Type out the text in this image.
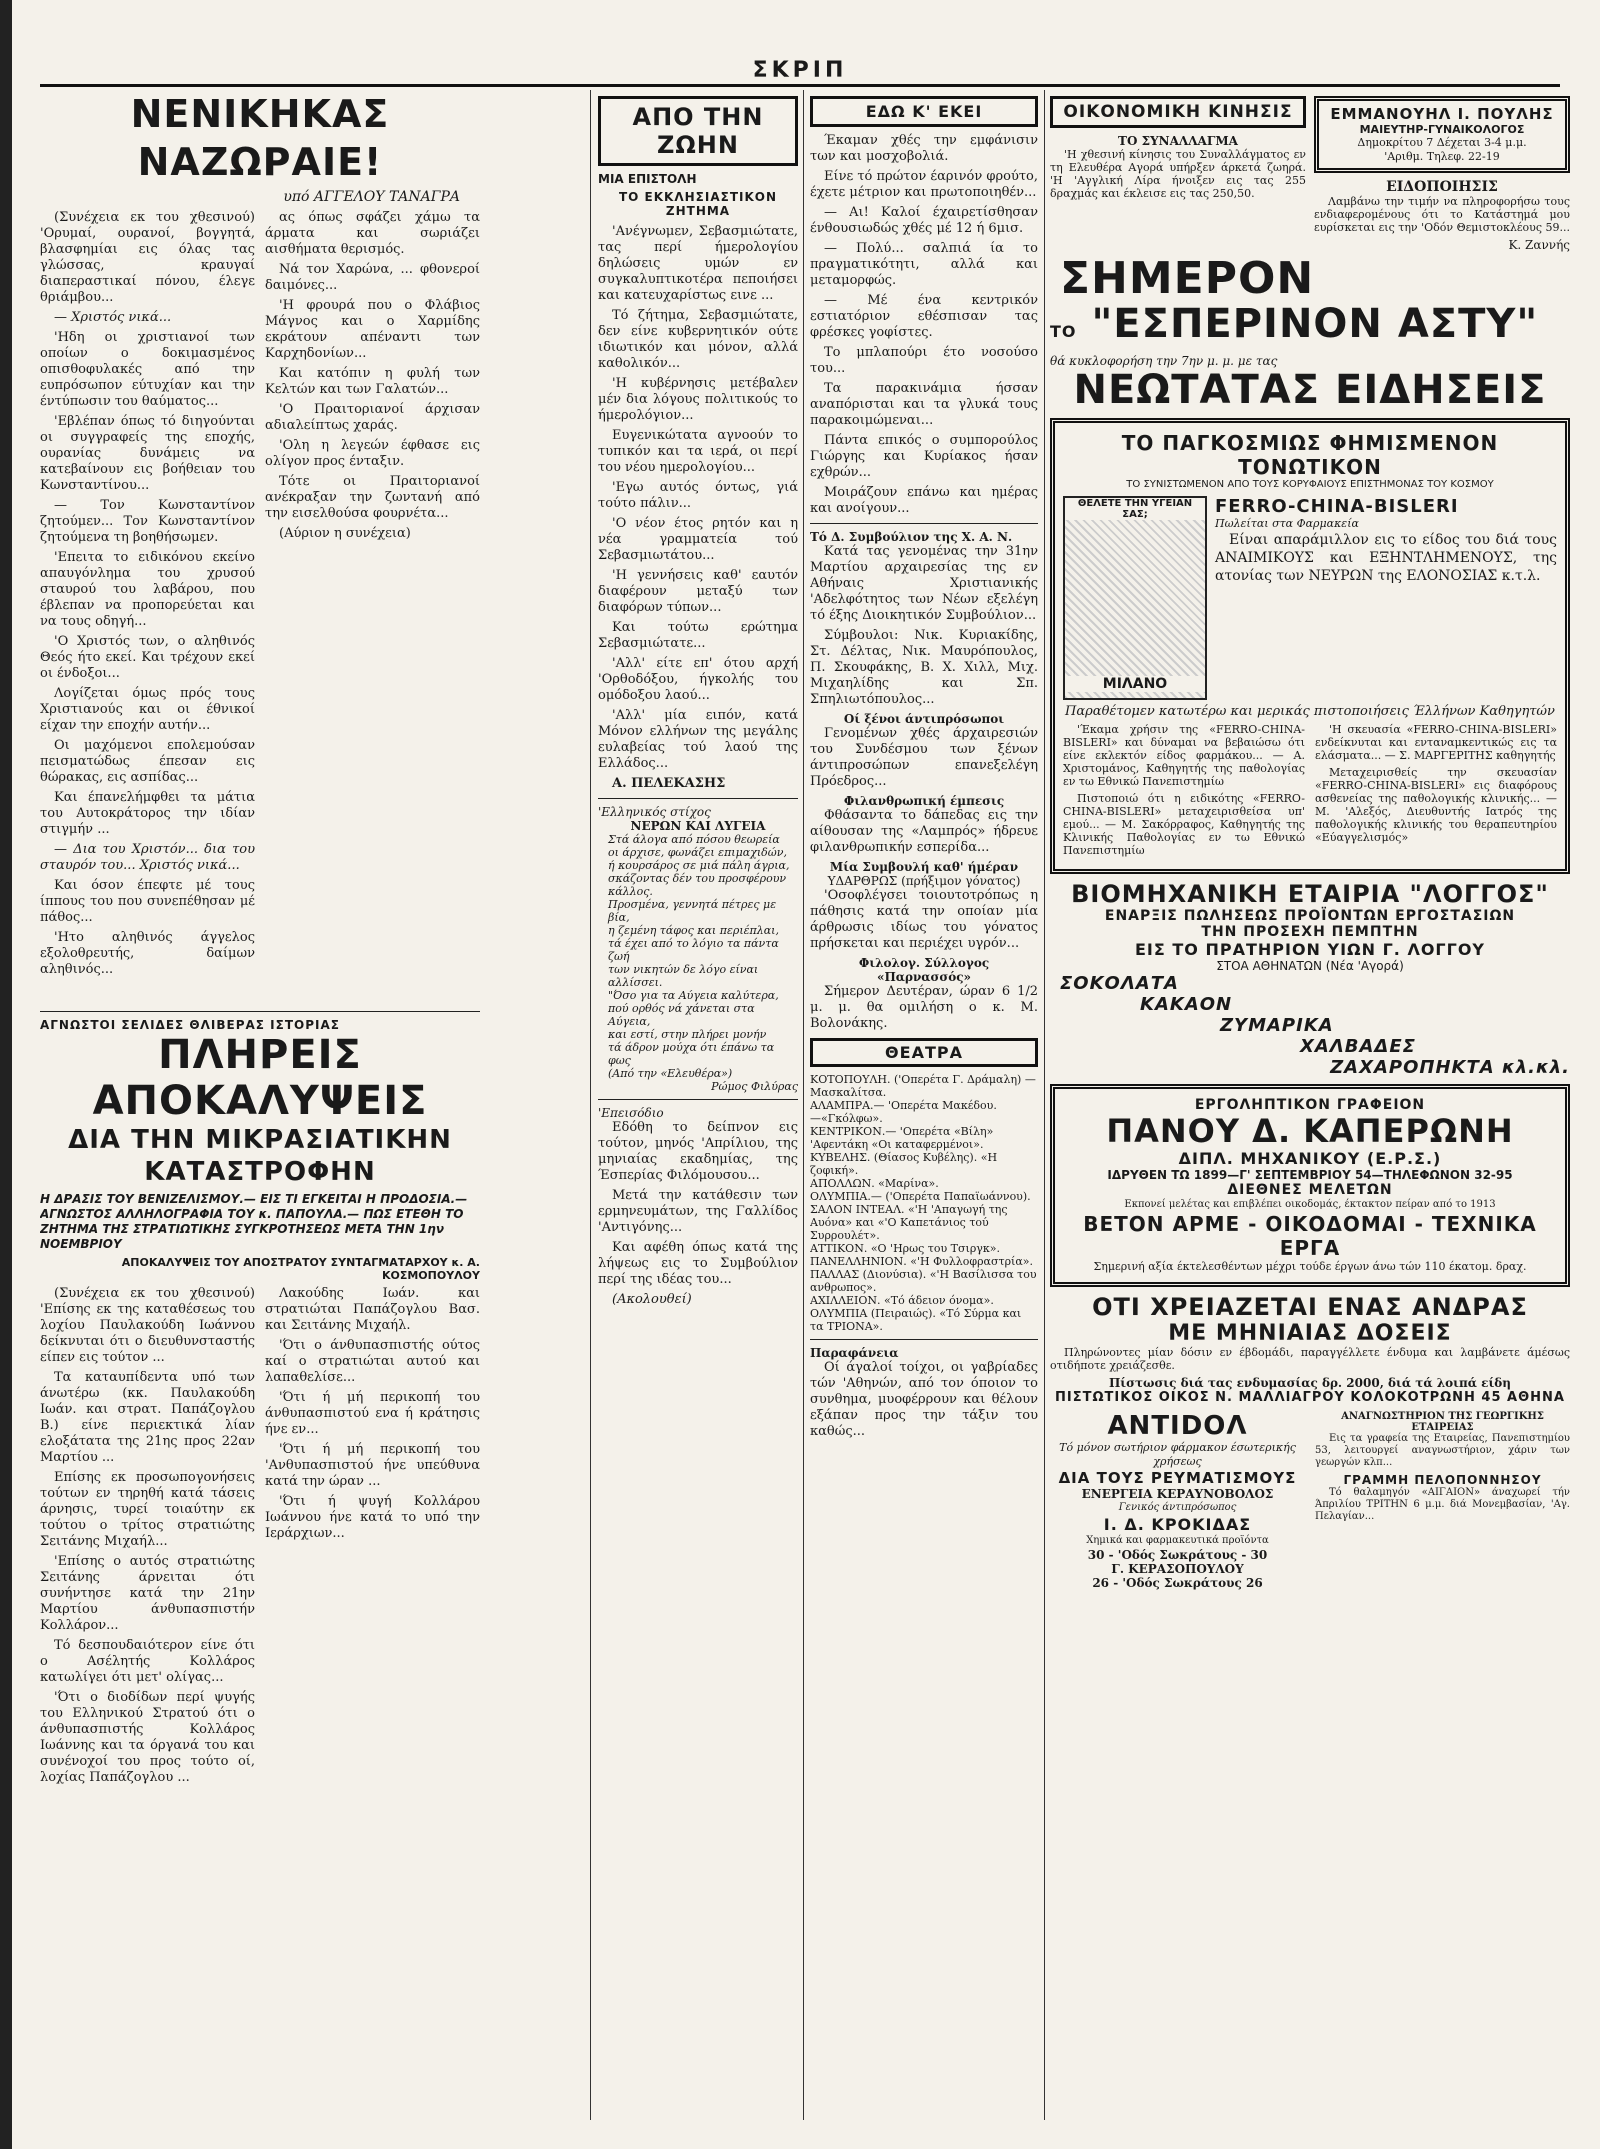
ΣΚΡΙΠ
ΝΕΝΙΚΗΚΑΣ ΝΑΖΩΡΑΙΕ!
υπό ΑΓΓΕΛΟΥ ΤΑΝΑΓΡΑ

(Συνέχεια εκ του χθεσινού) 'Ορυμαί, ουρανοί, βογγητά, βλασφημίαι εις όλας τας γλώσσας, κραυγαί διαπεραστικαί πόνου, έλεγε θριάμβου...

— Χριστός νικά...

'Ηδη οι χριστιανοί των οποίων ο δοκιμασμένος οπισθοφυλακές από την ευπρόσωπον εύτυχίαν και την έντύπωσιν του θαύματος...

'Εβλέπαν όπως τό διηγούνται οι συγγραφείς της εποχής, ουρανίας δυνάμεις να κατεβαίνουν εις βοήθειαν του Κωνσταντίνου...

— Τον Κωνσταντίνον ζητούμεν... Τον Κωνσταντίνον ζητούμενα τη βοηθήσωμεν.

'Επειτα το ειδικόνου εκείνο απαυγόνλημα του χρυσού σταυρού του λαβάρου, που έβλεπαν να προπορεύεται και να τους οδηγή...

'Ο Χριστός των, ο αληθινός Θεός ήτο εκεί. Και τρέχουν εκεί οι ένδοξοι...

Λογίζεται όμως πρός τους Χριστιανούς και οι έθνικοί είχαν την εποχήν αυτήν...

Οι μαχόμενοι επολεμούσαν πεισματώδως έπεσαν εις θώρακας, εις ασπίδας...

Και έπανελήμφθει τα μάτια του Αυτοκράτορος την ιδίαν στιγμήν ...

— Δια του Χριστόν... δια του σταυρόν του... Χριστός νικά...

Και όσον έπεφτε μέ τους ίππους του που συνεπέθησαν μέ πάθος...

'Ητο αληθινός άγγελος εξολοθρευτής, δαίμων αληθινός...

ας όπως σφάζει χάμω τα άρματα και σωριάζει αισθήματα θερισμός.

Νά τον Χαρώνα, ... φθονεροί δαιμόνες...

'Η φρουρά που ο Φλάβιος Μάγνος και ο Χαρμίδης εκράτουν απέναντι των Καρχηδονίων...

Και κατόπιν η φυλή των Κελτών και των Γαλατών...

'Ο Πραιτοριανοί άρχισαν αδιαλείπτως χαράς.

'Ολη η λεγεών έφθασε εις ολίγον προς ένταξιν.

Τότε οι Πραιτοριανοί ανέκραξαν την ζωντανή από την εισελθούσα φουρνέτα...

(Αύριον η συνέχεια)

ΑΓΝΩΣΤΟΙ ΣΕΛΙΔΕΣ ΘΛΙΒΕΡΑΣ ΙΣΤΟΡΙΑΣ
ΠΛΗΡΕΙΣ ΑΠΟΚΑΛΥΨΕΙΣ
ΔΙΑ ΤΗΝ ΜΙΚΡΑΣΙΑΤΙΚΗΝ ΚΑΤΑΣΤΡΟΦΗΝ
Η ΔΡΑΣΙΣ ΤΟΥ ΒΕΝΙΖΕΛΙΣΜΟΥ.— ΕΙΣ ΤΙ ΕΓΚΕΙΤΑΙ Η ΠΡΟΔΟΣΙΑ.— ΑΓΝΩΣΤΟΣ ΑΛΛΗΛΟΓΡΑΦΙΑ ΤΟΥ κ. ΠΑΠΟΥΛΑ.— ΠΩΣ ΕΤΕΘΗ ΤΟ ΖΗΤΗΜΑ ΤΗΣ ΣΤΡΑΤΙΩΤΙΚΗΣ ΣΥΓΚΡΟΤΗΣΕΩΣ ΜΕΤΑ ΤΗΝ 1ην ΝΟΕΜΒΡΙΟΥ
ΑΠΟΚΑΛΥΨΕΙΣ ΤΟΥ ΑΠΟΣΤΡΑΤΟΥ ΣΥΝΤΑΓΜΑΤΑΡΧΟΥ κ. Α. ΚΟΣΜΟΠΟΥΛΟΥ

(Συνέχεια εκ του χθεσινού) 'Επίσης εκ της καταθέσεως του λοχίου Παυλακούδη Ιωάννου δείκνυται ότι ο διευθυνσταστής είπεν εις τούτον ...

Τα καταυπίδεντα υπό των άνωτέρω (κκ. Παυλακούδη Ιωάν. και στρατ. Παπάζογλου Β.) είνε περιεκτικά λίαν ελοξάτατα της 21ης προς 22αν Μαρτίου ...

Επίσης εκ προσωπογονήσεις τούτων εν τηρηθή κατά τάσεις άρνησις, τυρεί τοιαύτην εκ τούτου ο τρίτος στρατιώτης Σειτάνης Μιχαήλ...

'Επίσης ο αυτός στρατιώτης Σειτάνης άρνειται ότι συνήντησε κατά την 21ην Μαρτίου άνθυπασπιστήν Κολλάρον...

Τό δεσπουδαιότερον είνε ότι ο Ασέλητής Κολλάρος κατωλίγει ότι μετ' ολίγας...

'Ότι ο διοδίδων περί ψυγής του Ελληνικού Στρατού ότι ο άνθυπασπιστής Κολλάρος Ιωάννης και τα όργανά του και συνένοχοί του προς τούτο οί, λοχίας Παπάζογλου ...

Λακούδης Ιωάν. και στρατιώται Παπάζογλου Βασ. και Σειτάνης Μιχαήλ.

'Ότι ο άνθυπασπιστής ούτος καί ο στρατιώται αυτού και λαπαθελίσε...

'Ότι ή μή περικοπή του άνθυπασπιστού ενα ή κράτησις ήνε εν...

'Ότι ή μή περικοπή του 'Ανθυπασπιστού ήνε υπεύθυνα κατά την ώραν ...

'Ότι ή ψυγή Κολλάρου Ιωάννου ήνε κατά το υπό την Ιεράρχιων...

ΑΠΟ ΤΗΝ ΖΩΗΝ
ΜΙΑ ΕΠΙΣΤΟΛΗ
ΤΟ ΕΚΚΛΗΣΙΑΣΤΙΚΟΝ ΖΗΤΗΜΑ

'Ανέγνωμεν, Σεβασμιώτατε, τας περί ήμερολογίου δηλώσεις υμών εν συγκαλυπτικοτέρα πεποιήσει και κατευχαρίστως εινε ...

Τό ζήτημα, Σεβασμιώτατε, δεν είνε κυβερνητικόν ούτε ιδιωτικόν και μόνον, αλλά καθολικόν...

'Η κυβέρνησις μετέβαλεν μέν δια λόγους πολιτικούς το ήμερολόγιον...

Ευγενικώτατα αγνοούν το τυπικόν και τα ιερά, οι περί του νέου ημερολογίου...

'Εγω αυτός όντως, γιά τούτο πάλιν...

'Ο νέον έτος ρητόν και η νέα γραμματεία τού Σεβασμιωτάτου...

'Η γεννήσεις καθ' εαυτόν διαφέρουν μεταξύ των διαφόρων τύπων...

Και τούτω ερώτημα Σεβασμιώτατε...

'Αλλ' είτε επ' ότου αρχή 'Ορθοδόξου, ήγκολής του ομόδοξου λαού...

'Αλλ' μία ειπόν, κατά Μόνον ελλήνων της μεγάλης ευλαβείας τού λαού της Ελλάδος...

Α. ΠΕΛΕΚΑΣΗΣ

'Ελληνικός στίχος
ΝΕΡΩΝ ΚΑΙ ΛΥΓΕΙΑ
Στά άλογα από πόσου θεωρεία
οι άρχισε, φωνάζει επιμαχιδών,
ή κουρσάρος σε μιά πάλη άγρια,
σκάζοντας δέν του προσφέρουν κάλλος.
Προσμένα, γεννητά πέτρες με βία,
η ζεμένη τάφος και περιέπλαι,
τά έχει από το λόγιο τα πάντα ζωή
των νικητών δε λόγο είναι αλλίσσει.
"Όσο για τα Αύγεια καλύτερα,
πού ορθός νά χάνεται στα Αύγεια,
και εστί, στην πλήρει μονήν
τά άδρον μούχα ότι έπάνω τα φως
(Από την «Ελευθέρα»)
Ρώμος Φιλύρας
'Επεισόδιο

Εδόθη το δείπνον εις τούτον, μηνός 'Απρίλιου, της μηνιαίας εκαδημίας, της Έσπερίας Φιλόμουσου...

Μετά την κατάθεσιν των ερμηνευμάτων, της Γαλλίδος 'Αντιγόνης...

Και αφέθη όπως κατά της λήψεως εις το Συμβούλιον περί της ιδέας του...

(Ακολουθεί)

ΕΔΩ Κ' ΕΚΕΙ

Έκαμαν χθές την εμφάνισιν των και μοσχοβολιά.

Είνε τό πρώτον έαρινόν φρούτο, έχετε μέτριον και πρωτοποιηθέν...

— Αι! Καλοί έχαιρετίσθησαν ένθουσιωδώς χθές μέ 12 ή 6μισ.

— Πολύ... σαλπιά ία το πραγματικότητι, αλλά και μεταμορφώς.

— Μέ ένα κεντρικόν εστιατόριον εθέσπισαν τας φρέσκες γοφίστες.

Το μπλαπούρι έτο νοσούσο του...

Τα παρακινάμια ήσσαν αναπόρισται και τα γλυκά τους παρακοιμώμεναι...

Πάντα επικός ο συμπορούλος Γιώργης και Κυρίακος ήσαν εχθρών...

Μοιράζουν επάνω και ημέρας και ανοίγουν...

Τό Δ. Συμβούλιον της Χ. Α. Ν.

Κατά τας γενομένας την 31ην Μαρτίου αρχαιρεσίας της εν Αθήναις Χριστιανικής 'Αδελφότητος των Νέων εξελέγη τό έξης Διοικητικόν Συμβούλιον...

Σύμβουλοι: Νικ. Κυριακίδης, Στ. Δέλτας, Νικ. Μαυρόπουλος, Π. Σκουφάκης, Β. Χ. Χιλλ, Μιχ. Μιχαηλίδης και Σπ. Σπηλιωτόπουλος...

Οί ξένοι άντιπρόσωποι

Γενομένων χθές άρχαιρεσιών του Συνδέσμου των ξένων άντιπροσώπων επανεξελέγη Πρόεδρος...

Φιλανθρωπική έμπεσις

Φθάσαντα το δάπεδας εις την αίθουσαν της «Λαμπρός» ήδρευε φιλανθρωπικήν εσπερίδα...

Μία Συμβουλή καθ' ήμέραν
ΥΔΑΡΘΡΩΣ (πρήξιμον γόνατος)

'Οσοφλέγσει τοιουτοτρόπως η πάθησις κατά την οποίαν μία άρθρωσις ιδίως του γόνατος πρήσκεται και περιέχει υγρόν...

Φιλολογ. Σύλλογος «Παρνασσός»

Σήμερον Δευτέραν, ώραν 6 1/2 μ. μ. θα ομιλήση ο κ. Μ. Βολονάκης.

ΘΕΑΤΡΑ
ΚΟΤΟΠΟΥΛΗ. ('Οπερέτα Γ. Δράμαλη) — Μασκαλίτσα.
ΑΛΑΜΠΡΑ.— 'Οπερέτα Μακέδου.—«Γκόλφω».
ΚΕΝΤΡΙΚΟΝ.— 'Οπερέτα «Βίλη» 'Αφεντάκη «Οι καταφερμένοι».
ΚΥΒΕΛΗΣ. (Θίασος Κυβέλης). «Η ζοφική».
ΑΠΟΛΛΩΝ. «Μαρίνα».
ΟΛΥΜΠΙΑ.— ('Οπερέτα Παπαϊωάννου).
ΣΑΛΟΝ ΙΝΤΕΑΛ. «'Η 'Απαγωγή της Αυόνα» και «'Ο Καπετάνιος τού Συρρουλέτ».
ΑΤΤΙΚΟΝ. «Ο 'Ηρως του Τσιργκ».
ΠΑΝΕΛΛΗΝΙΟΝ. «'Η Φυλλοφραστρία».
ΠΑΛΛΑΣ (Διονύσια). «'Η Βασίλισσα του ανθρωπος».
ΑΧΙΛΛΕΙΟΝ. «Τό άδειον όνομα».
ΟΛΥΜΠΙΑ (Πειραιώς). «Τό Σύρμα και τα ΤΡΙΟΝΑ».
Παραφάνεια

Οί άγαλοί τοίχοι, οι γαβρίαδες τών 'Αθηνών, από τον όποιον το συνθημα, μυοφέρρουν και θέλουν εξάπαν προς την τάξιν του καθώς...

ΟΙΚΟΝΟΜΙΚΗ ΚΙΝΗΣΙΣ
ΤΟ ΣΥΝΑΛΛΑΓΜΑ

'Η χθεσινή κίνησις του Συναλλάγματος εν τη Ελευθέρα Αγορά υπήρξεν άρκετά ζωηρά. 'Η 'Αγγλική Λίρα ήνοιξεν εις τας 255 δραχμάς και έκλεισε εις τας 250,50.

ΕΜΜΑΝΟΥΗΛ Ι. ΠΟΥΛΗΣ
ΜΑΙΕΥΤΗΡ-ΓΥΝΑΙΚΟΛΟΓΟΣ
Δημοκρίτου 7 Δέχεται 3-4 μ.μ.
'Αριθμ. Τηλεφ. 22-19
ΕΙΔΟΠΟΙΗΣΙΣ

Λαμβάνω την τιμήν να πληροφορήσω τους ενδιαφερομένους ότι το Κατάστημά μου ευρίσκεται εις την 'Οδόν Θεμιστοκλέους 59...

Κ. Ζαννής
ΣΗΜΕΡΟΝ
ΤΟ "ΕΣΠΕΡΙΝΟΝ ΑΣΤΥ"
θά κυκλοφορήση την 7ην μ. μ. με τας
ΝΕΩΤΑΤΑΣ ΕΙΔΗΣΕΙΣ
ΤΟ ΠΑΓΚΟΣΜΙΩΣ ΦΗΜΙΣΜΕΝΟΝ ΤΟΝΩΤΙΚΟΝ
ΤΟ ΣΥΝΙΣΤΩΜΕΝΟΝ ΑΠΟ ΤΟΥΣ ΚΟΡΥΦΑΙΟΥΣ ΕΠΙΣΤΗΜΟΝΑΣ ΤΟΥ ΚΟΣΜΟΥ
ΘΕΛΕΤΕ ΤΗΝ ΥΓΕΙΑΝ ΣΑΣ;
ΜΙΛΑΝΟ
FERRO-CHINA-BISLERI
Πωλείται στα Φαρμακεία

Είναι απαράμιλλον εις το είδος του διά τους ΑΝΑΙΜΙΚΟΥΣ και ΕΞΗΝΤΛΗΜΕΝΟΥΣ, της ατονίας των ΝΕΥΡΩΝ της ΕΛΟΝΟΣΙΑΣ κ.τ.λ.

Παραθέτομεν κατωτέρω και μερικάς πιστοποιήσεις Έλλήνων Καθηγητών

'Έκαμα χρήσιν της «FERRO-CHINA-BISLERI» και δύναμαι να βεβαιώσω ότι είνε εκλεκτόν είδος φαρμάκου... — Α. Χριστομάνος, Καθηγητής της παθολογίας εν τω Εθνικώ Πανεπιστημίω

Πιστοποιώ ότι η ειδικότης «FERRO-CHINA-BISLERI» μεταχειρισθείσα υπ' εμού... — Μ. Σακόρραφος, Καθηγητής της Κλινικής Παθολογίας εν τω Εθνικώ Πανεπιστημίω

'Η σκευασία «FERRO-CHINA-BISLERI» ενδείκνυται και ενταναμκεντικώς εις τα ελάσματα... — Σ. ΜΑΡΓΕΡΙΤΗΣ καθηγητής

Μεταχειρισθείς την σκευασίαν «FERRO-CHINA-BISLERI» εις διαφόρους ασθενείας της παθολογικής κλινικής... — Μ. 'Αλεξός, Διευθυντής Ιατρός της παθολογικής κλινικής του θεραπευτηρίου «Εύαγγελισμός»

ΒΙΟΜΗΧΑΝΙΚΗ ΕΤΑΙΡΙΑ "ΛΟΓΓΟΣ"
ΕΝΑΡΞΙΣ ΠΩΛΗΣΕΩΣ ΠΡΟΪΟΝΤΩΝ ΕΡΓΟΣΤΑΣΙΩΝ
ΤΗΝ ΠΡΟΣΕΧΗ ΠΕΜΠΤΗΝ
ΕΙΣ ΤΟ ΠΡΑΤΗΡΙΟΝ ΥΙΩΝ Γ. ΛΟΓΓΟΥ
ΣΤΟΑ ΑΘΗΝΑΤΩΝ (Νέα 'Αγορά)
ΣΟΚΟΛΑΤΑ
ΚΑΚΑΟΝ
ΖΥΜΑΡΙΚΑ
ΧΑΛΒΑΔΕΣ
ΖΑΧΑΡΟΠΗΚΤΑ κλ.κλ.
ΕΡΓΟΛΗΠΤΙΚΟΝ ΓΡΑΦΕΙΟΝ
ΠΑΝΟΥ Δ. ΚΑΠΕΡΩΝΗ
ΔΙΠΛ. ΜΗΧΑΝΙΚΟΥ (Ε.Ρ.Σ.)
ΙΔΡΥΘΕΝ ΤΩ 1899—Γ' ΣΕΠΤΕΜΒΡΙΟΥ 54—ΤΗΛΕΦΩΝΟΝ 32-95
ΔΙΕΘΝΕΣ ΜΕΛΕΤΩΝ
Εκπονεί μελέτας και επιβλέπει οικοδομάς, έκτακτον πείραν από το 1913
ΒΕΤΟΝ ΑΡΜΕ - ΟΙΚΟΔΟΜΑΙ - ΤΕΧΝΙΚΑ ΕΡΓΑ
Σημερινή αξία έκτελεσθέντων μέχρι τούδε έργων άνω τών 110 έκατομ. δραχ.
ΟΤΙ ΧΡΕΙΑΖΕΤΑΙ ΕΝΑΣ ΑΝΔΡΑΣ
ΜΕ ΜΗΝΙΑΙΑΣ ΔΟΣΕΙΣ

Πληρώνοντες μίαν δόσιν εν έβδομάδι, παραγγέλλετε ένδυμα και λαμβάνετε άμέσως οτιδήποτε χρειάζεσθε.

Πίστωσις διά τας ενδυμασίας δρ. 2000, διά τά λοιπά είδη
ΠΙΣΤΩΤΙΚΟΣ ΟΙΚΟΣ Ν. ΜΑΛΛΙΑΓΡΟΥ ΚΟΛΟΚΟΤΡΩΝΗ 45 ΑΘΗΝΑ
ΑΝΤΙDΟΛ
Τό μόνον σωτήριον φάρμακον έσωτερικής χρήσεως
ΔΙΑ ΤΟΥΣ ΡΕΥΜΑΤΙΣΜΟΥΣ
ΕΝΕΡΓΕΙΑ ΚΕΡΑΥΝΟΒΟΛΟΣ
Γενικός άντιπρόσωπος
Ι. Δ. ΚΡΟΚΙΔΑΣ
Χημικά και φαρμακευτικά προϊόντα
30 - 'Οδός Σωκράτους - 30
Γ. ΚΕΡΑΣΟΠΟΥΛΟΥ
26 - 'Οδός Σωκράτους 26
ΑΝΑΓΝΩΣΤΗΡΙΟΝ ΤΗΣ ΓΕΩΡΓΙΚΗΣ ΕΤΑΙΡΕΙΑΣ

Εις τα γραφεία της Εταιρείας, Πανεπιστημίου 53, λειτουργεί αναγνωστήριον, χάριν των γεωργών κλπ...

ΓΡΑΜΜΗ ΠΕΛΟΠΟΝΝΗΣΟΥ

Τό θαλαμηγόν «ΑΙΓΑΙΟΝ» άναχωρεί τήν Άπριλίου ΤΡΙΤΗΝ 6 μ.μ. διά Μονεμβασίαν, 'Αγ. Πελαγίαν...
